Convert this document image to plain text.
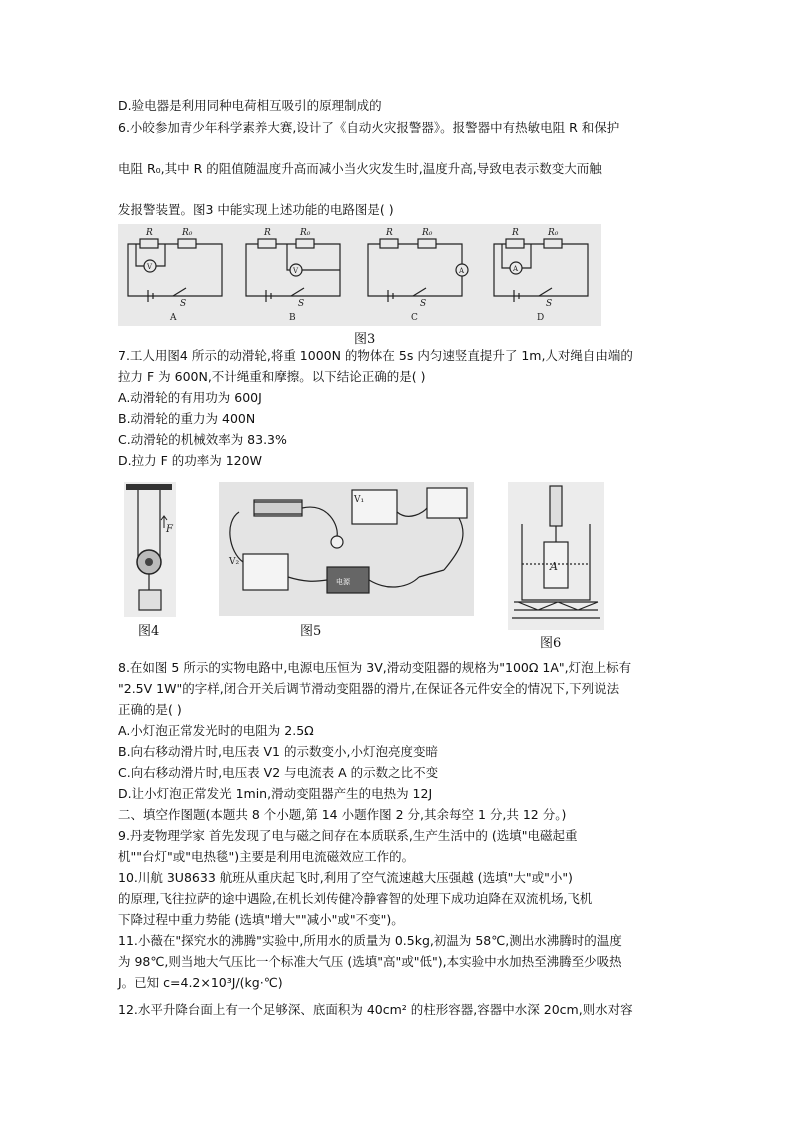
D.验电器是利用同种电荷相互吸引的原理制成的
6.小皎参加青少年科学素养大赛,设计了《自动火灾报警器》。报警器中有热敏电阻 R 和保护
电阻 R₀,其中 R 的阻值随温度升高而减小当火灾发生时,温度升高,导致电表示数变大而触
发报警装置。图3 中能实现上述功能的电路图是( )
R	R₀
V
S
A
R	R₀
V
S
B
R	R₀
A
S
C
R	R₀
A
S
D
图3
7.工人用图4 所示的动滑轮,将重 1000N 的物体在 5s 内匀速竖直提升了 1m,人对绳自由端的
拉力 F 为 600N,不计绳重和摩擦。以下结论正确的是( )
A.动滑轮的有用功为 600J
B.动滑轮的重力为 400N
C.动滑轮的机械效率为 83.3%
D.拉力 F 的功率为 120W
F
图4
V₁
V₂
电源
图5
A
图6
8.在如图 5 所示的实物电路中,电源电压恒为 3V,滑动变阻器的规格为"100Ω 1A",灯泡上标有
"2.5V 1W"的字样,闭合开关后调节滑动变阻器的滑片,在保证各元件安全的情况下,下列说法
正确的是( )
A.小灯泡正常发光时的电阻为 2.5Ω
B.向右移动滑片时,电压表 V1 的示数变小,小灯泡亮度变暗
C.向右移动滑片时,电压表 V2 与电流表 A 的示数之比不变
D.让小灯泡正常发光 1min,滑动变阻器产生的电热为 12J
二、填空作图题(本题共 8 个小题,第 14 小题作图 2 分,其余每空 1 分,共 12 分。)
9.丹麦物理学家 首先发现了电与磁之间存在本质联系,生产生活中的 (选填"电磁起重
机""台灯"或"电热毯")主要是利用电流磁效应工作的。
10.川航 3U8633 航班从重庆起飞时,利用了空气流速越大压强越 (选填"大"或"小")
的原理,飞往拉萨的途中遇险,在机长刘传健冷静睿智的处理下成功迫降在双流机场,飞机
下降过程中重力势能 (选填"增大""减小"或"不变")。
11.小薇在"探究水的沸腾"实验中,所用水的质量为 0.5kg,初温为 58℃,测出水沸腾时的温度
为 98℃,则当地大气压比一个标准大气压 (选填"高"或"低"),本实验中水加热至沸腾至少吸热
J。已知 c=4.2×10³J/(kg·℃)
12.水平升降台面上有一个足够深、底面积为 40cm² 的柱形容器,容器中水深 20cm,则水对容
